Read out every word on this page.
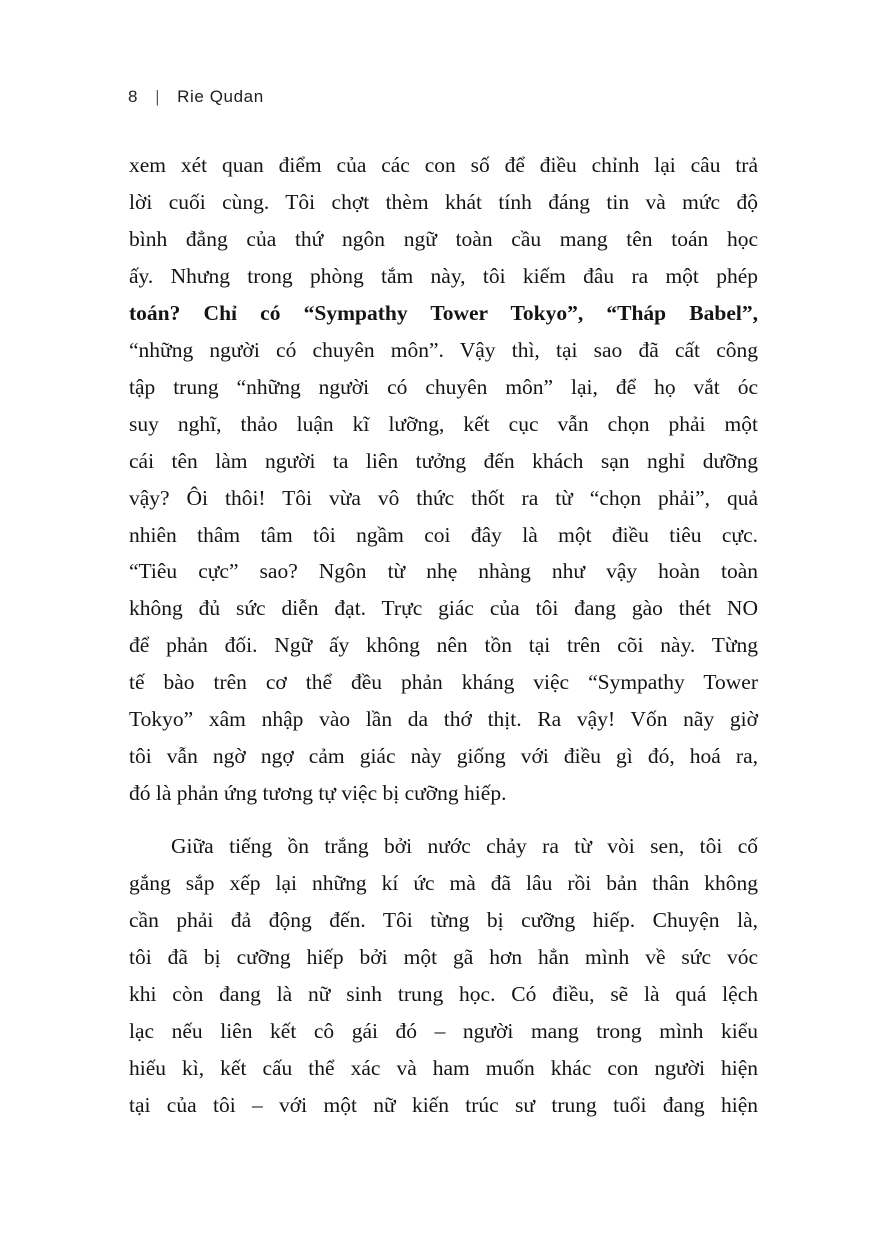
8 | Rie Qudan
xem xét quan điểm của các con số để điều chỉnh lại câu trả
lời cuối cùng. Tôi chợt thèm khát tính đáng tin và mức độ
bình đẳng của thứ ngôn ngữ toàn cầu mang tên toán học
ấy. Nhưng trong phòng tắm này, tôi kiếm đâu ra một phép
toán? Chỉ có “Sympathy Tower Tokyo”, “Tháp Babel”,
“những người có chuyên môn”. Vậy thì, tại sao đã cất công
tập trung “những người có chuyên môn” lại, để họ vắt óc
suy nghĩ, thảo luận kĩ lưỡng, kết cục vẫn chọn phải một
cái tên làm người ta liên tưởng đến khách sạn nghỉ dưỡng
vậy? Ôi thôi! Tôi vừa vô thức thốt ra từ “chọn phải”, quả
nhiên thâm tâm tôi ngầm coi đây là một điều tiêu cực.
“Tiêu cực” sao? Ngôn từ nhẹ nhàng như vậy hoàn toàn
không đủ sức diễn đạt. Trực giác của tôi đang gào thét NO
để phản đối. Ngữ ấy không nên tồn tại trên cõi này. Từng
tế bào trên cơ thể đều phản kháng việc “Sympathy Tower
Tokyo” xâm nhập vào lần da thớ thịt. Ra vậy! Vốn nãy giờ
tôi vẫn ngờ ngợ cảm giác này giống với điều gì đó, hoá ra,
đó là phản ứng tương tự việc bị cưỡng hiếp.
Giữa tiếng ồn trắng bởi nước chảy ra từ vòi sen, tôi cố
gắng sắp xếp lại những kí ức mà đã lâu rồi bản thân không
cần phải đả động đến. Tôi từng bị cưỡng hiếp. Chuyện là,
tôi đã bị cưỡng hiếp bởi một gã hơn hẳn mình về sức vóc
khi còn đang là nữ sinh trung học. Có điều, sẽ là quá lệch
lạc nếu liên kết cô gái đó – người mang trong mình kiểu
hiếu kì, kết cấu thể xác và ham muốn khác con người hiện
tại của tôi – với một nữ kiến trúc sư trung tuổi đang hiện
